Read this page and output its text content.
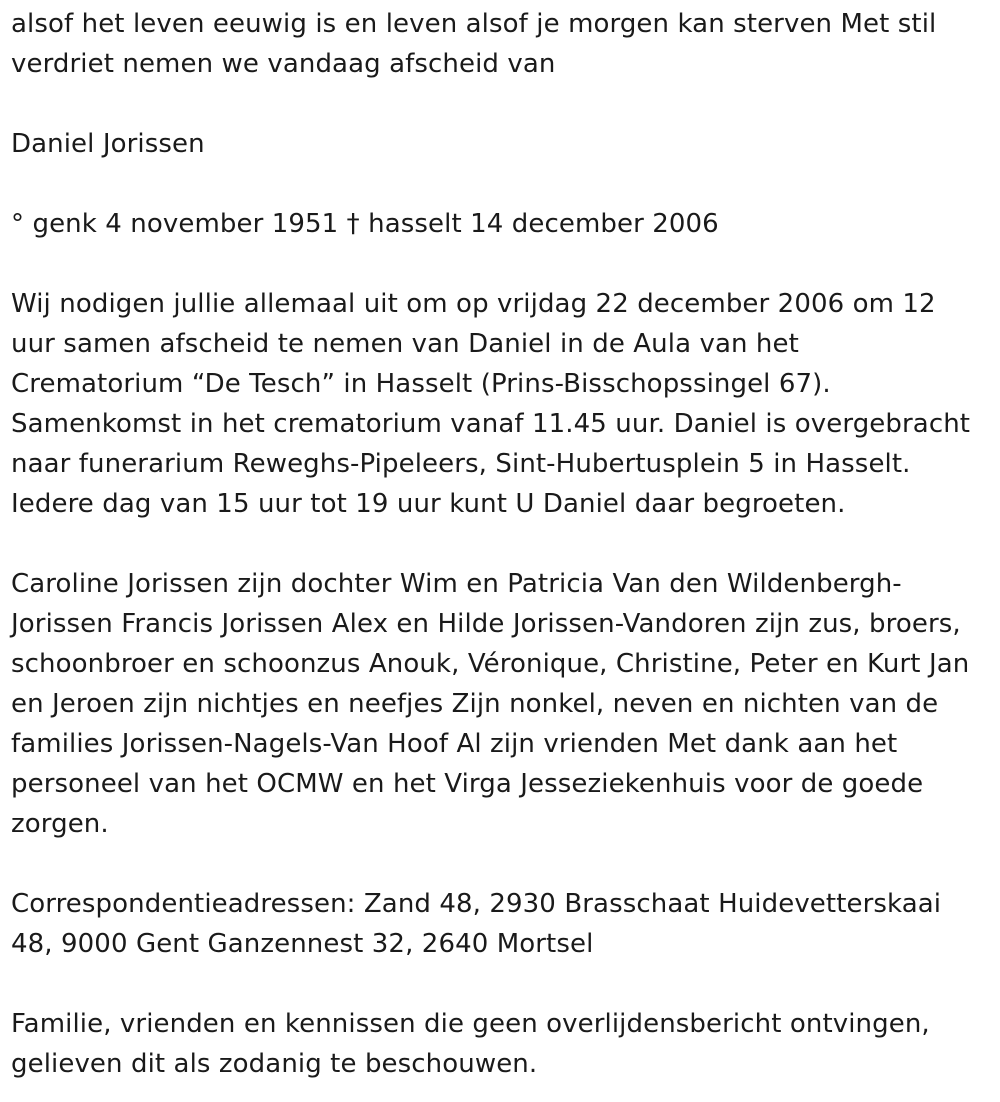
alsof het leven eeuwig is en leven alsof je morgen kan sterven Met stil
verdriet nemen we vandaag afscheid van

Daniel Jorissen

° genk 4 november 1951 † hasselt 14 december 2006

Wij nodigen jullie allemaal uit om op vrijdag 22 december 2006 om 12
uur samen afscheid te nemen van Daniel in de Aula van het
Crematorium “De Tesch” in Hasselt (Prins-Bisschopssingel 67).
Samenkomst in het crematorium vanaf 11.45 uur. Daniel is overgebracht
naar funerarium Reweghs-Pipeleers, Sint-Hubertusplein 5 in Hasselt.
Iedere dag van 15 uur tot 19 uur kunt U Daniel daar begroeten.

Caroline Jorissen zijn dochter Wim en Patricia Van den Wildenbergh-
Jorissen Francis Jorissen Alex en Hilde Jorissen-Vandoren zijn zus, broers,
schoonbroer en schoonzus Anouk, Véronique, Christine, Peter en Kurt Jan
en Jeroen zijn nichtjes en neefjes Zijn nonkel, neven en nichten van de
families Jorissen-Nagels-Van Hoof Al zijn vrienden Met dank aan het
personeel van het OCMW en het Virga Jesseziekenhuis voor de goede
zorgen.

Correspondentieadressen: Zand 48, 2930 Brasschaat Huidevetterskaai
48, 9000 Gent Ganzennest 32, 2640 Mortsel

Familie, vrienden en kennissen die geen overlijdensbericht ontvingen,
gelieven dit als zodanig te beschouwen.
